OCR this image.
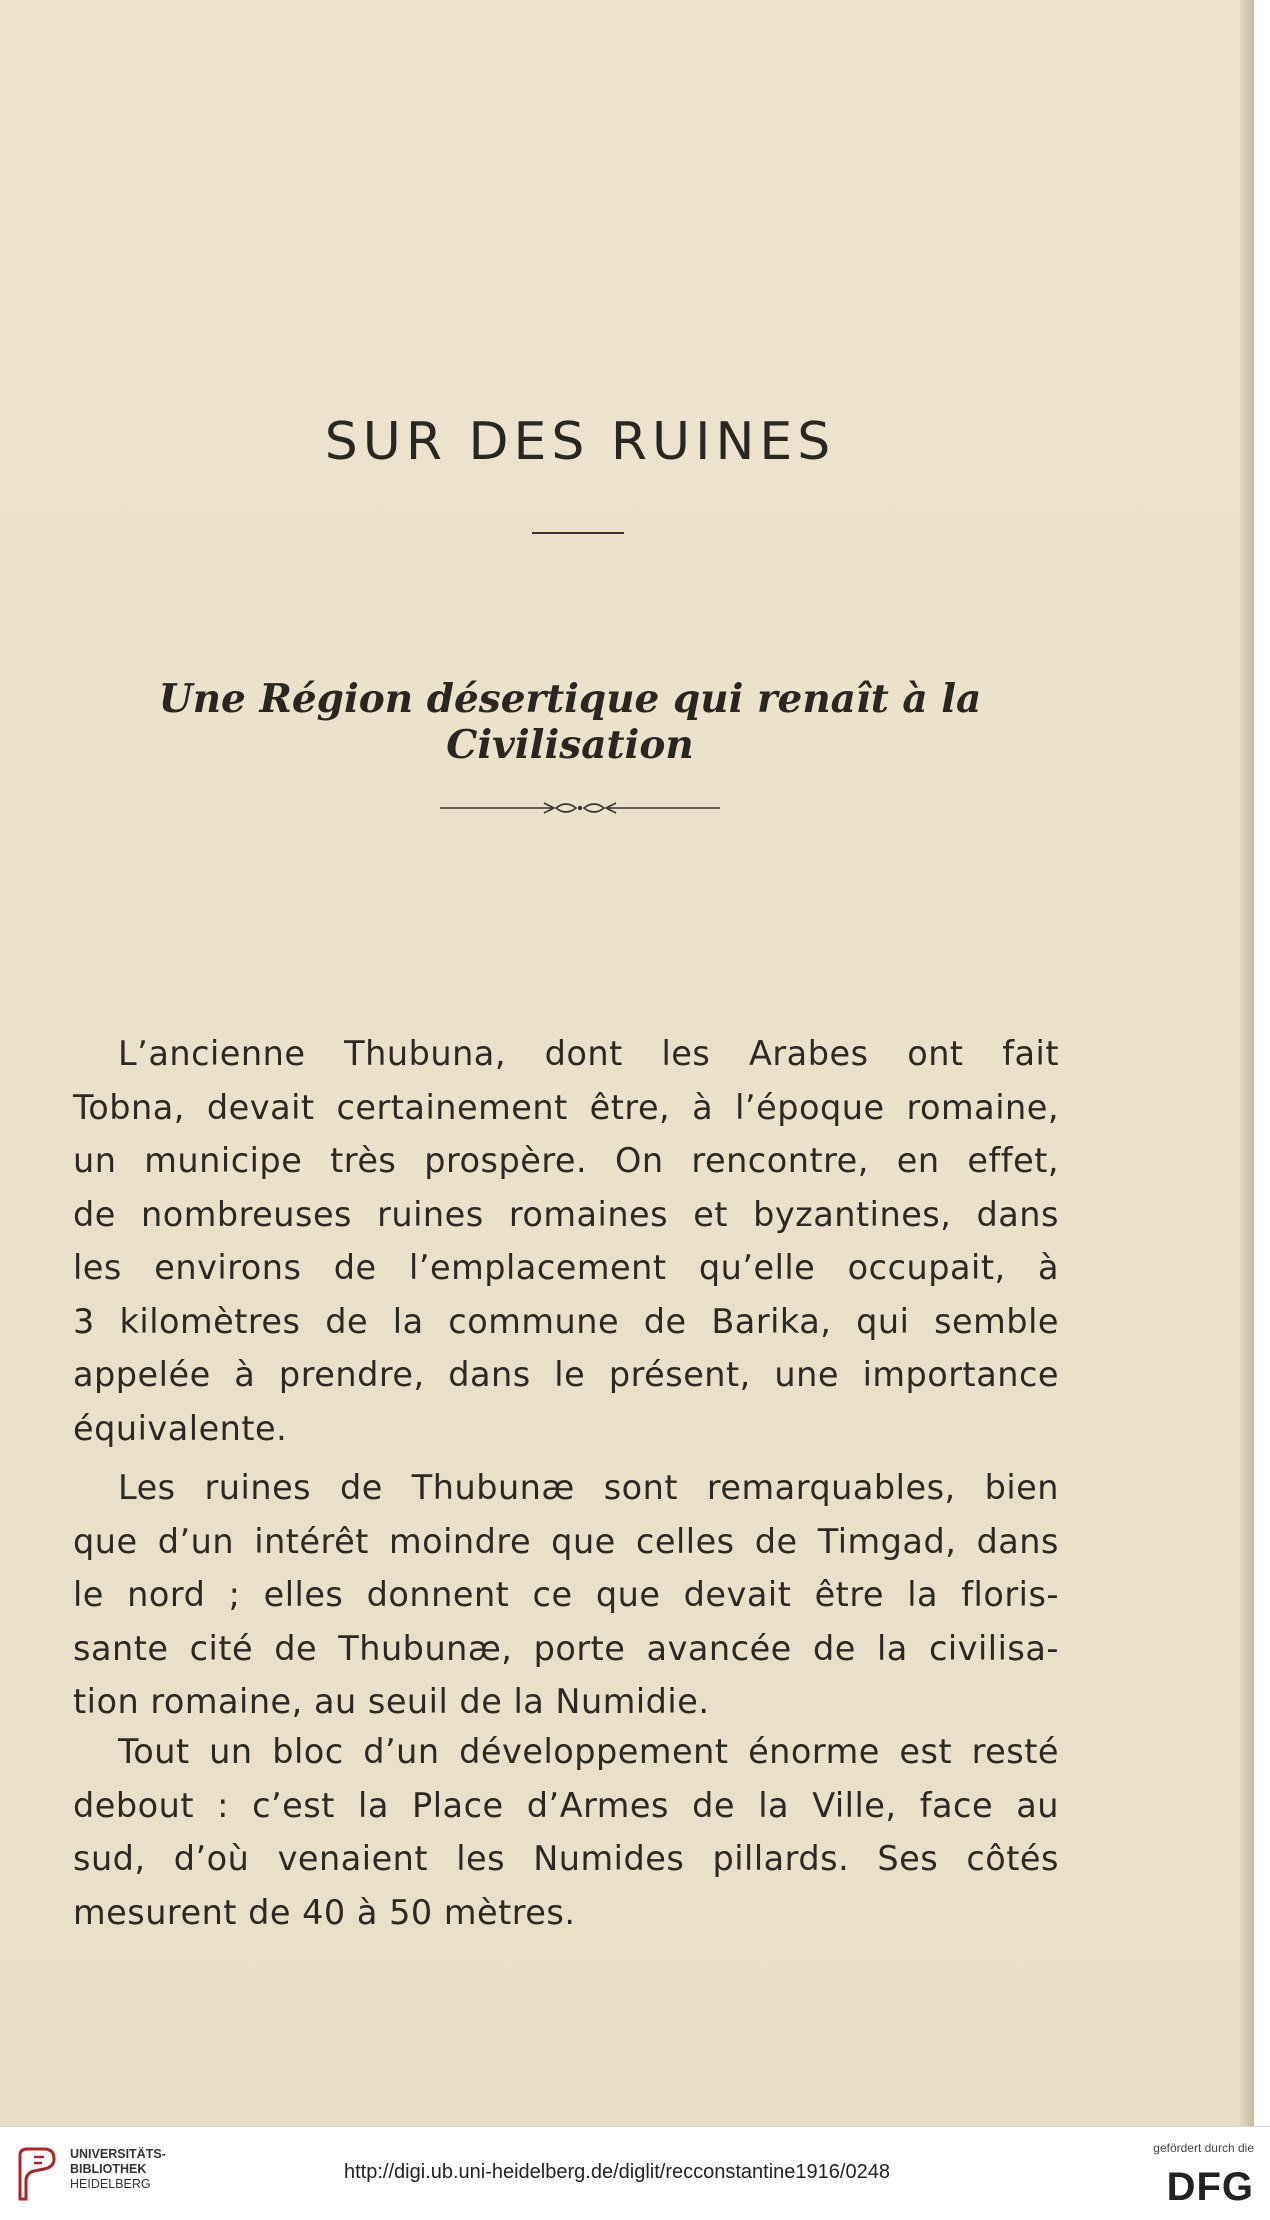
SUR DES RUINES
Une Région désertique qui renaît à la Civilisation
L’ancienne Thubuna, dont les Arabes ont fait
Tobna, devait certainement être, à l’époque romaine,
un municipe très prospère. On rencontre, en effet,
de nombreuses ruines romaines et byzantines, dans
les environs de l’emplacement qu’elle occupait, à
3 kilomètres de la commune de Barika, qui semble
appelée à prendre, dans le présent, une importance
équivalente.
Les ruines de Thubunæ sont remarquables, bien
que d’un intérêt moindre que celles de Timgad, dans
le nord ; elles donnent ce que devait être la floris-
sante cité de Thubunæ, porte avancée de la civilisa-
tion romaine, au seuil de la Numidie.
Tout un bloc d’un développement énorme est resté
debout : c’est la Place d’Armes de la Ville, face au
sud, d’où venaient les Numides pillards. Ses côtés
mesurent de 40 à 50 mètres.
UNIVERSITÄTS-
BIBLIOTHEK
HEIDELBERG
http://digi.ub.uni-heidelberg.de/diglit/recconstantine1916/0248
gefördert durch die
DFG
